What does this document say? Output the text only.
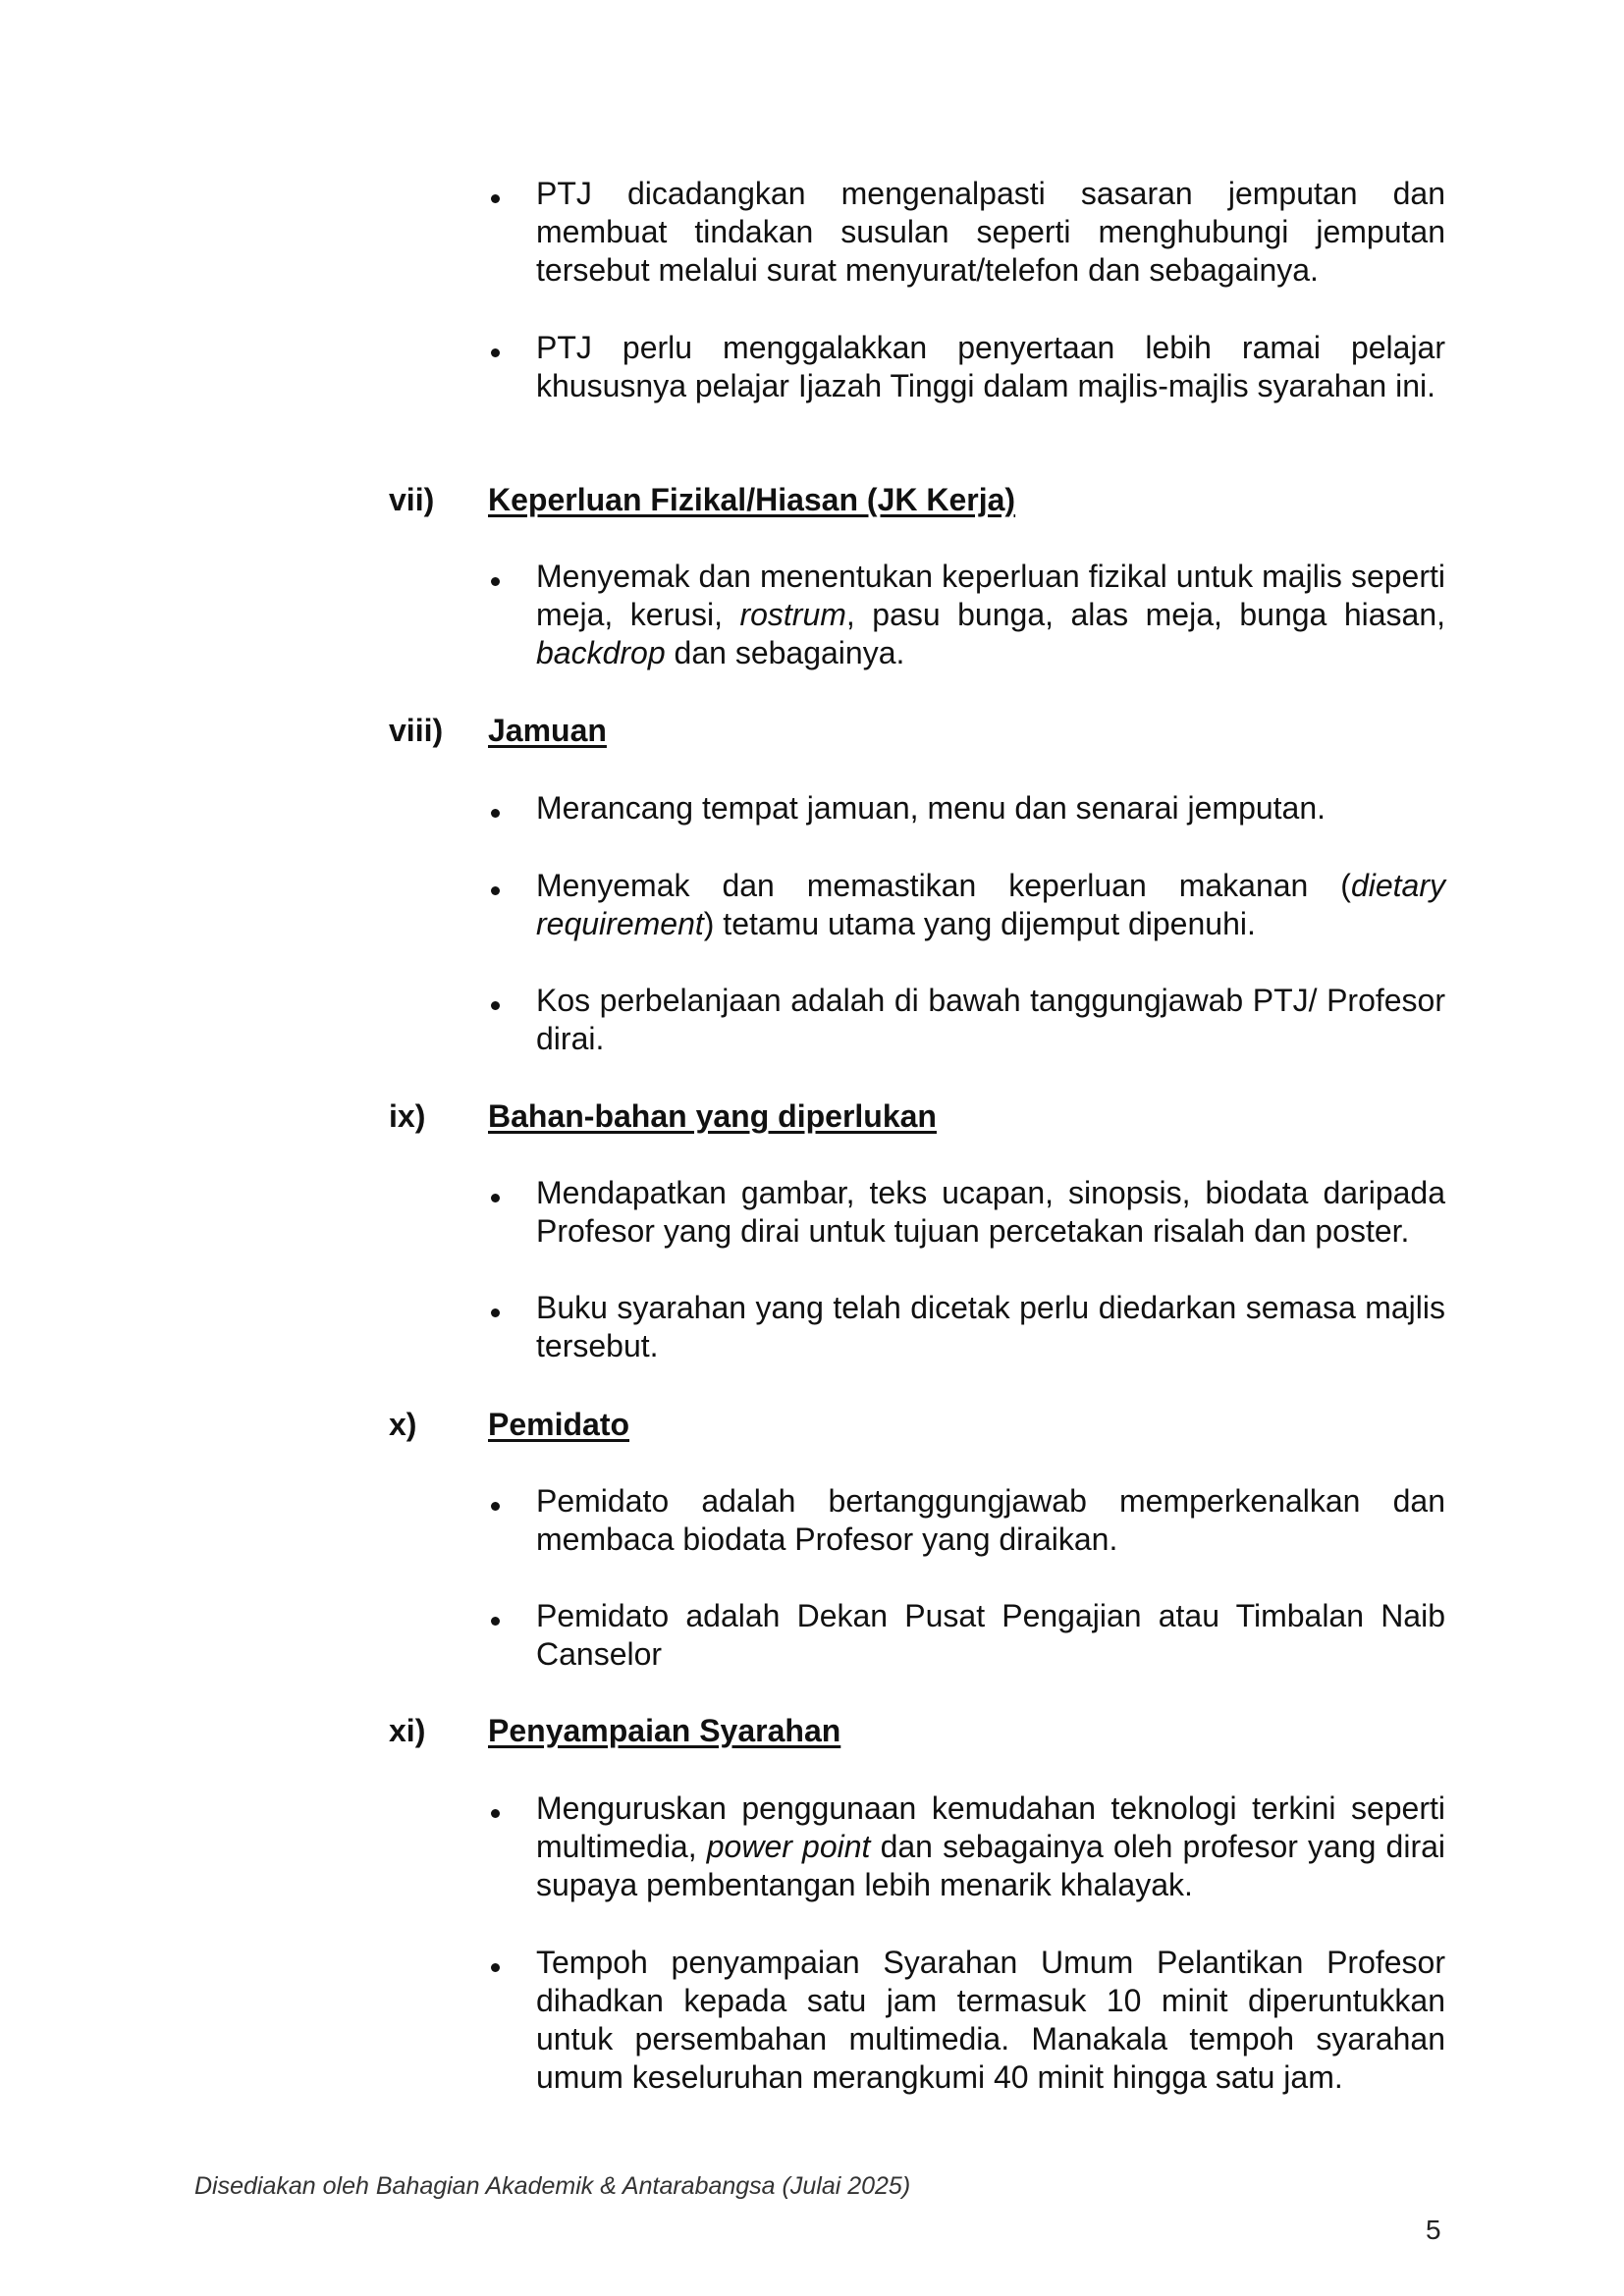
PTJ dicadangkan mengenalpasti sasaran jemputan dan membuat tindakan susulan seperti menghubungi jemputan tersebut melalui surat menyurat/telefon dan sebagainya.
PTJ perlu menggalakkan penyertaan lebih ramai pelajar khususnya pelajar Ijazah Tinggi dalam majlis-majlis syarahan ini.
vii) Keperluan Fizikal/Hiasan (JK Kerja)
Menyemak dan menentukan keperluan fizikal untuk majlis seperti meja, kerusi, rostrum, pasu bunga, alas meja, bunga hiasan, backdrop dan sebagainya.
viii) Jamuan
Merancang tempat jamuan, menu dan senarai jemputan.
Menyemak dan memastikan keperluan makanan (dietary requirement) tetamu utama yang dijemput dipenuhi.
Kos perbelanjaan adalah di bawah tanggungjawab PTJ/ Profesor dirai.
ix) Bahan-bahan yang diperlukan
Mendapatkan gambar, teks ucapan, sinopsis, biodata daripada Profesor yang dirai untuk tujuan percetakan risalah dan poster.
Buku syarahan yang telah dicetak perlu diedarkan semasa majlis tersebut.
x) Pemidato
Pemidato adalah bertanggungjawab memperkenalkan dan membaca biodata Profesor yang diraikan.
Pemidato adalah Dekan Pusat Pengajian atau Timbalan Naib Canselor
xi) Penyampaian Syarahan
Menguruskan penggunaan kemudahan teknologi terkini seperti multimedia, power point dan sebagainya oleh profesor yang dirai supaya pembentangan lebih menarik khalayak.
Tempoh penyampaian Syarahan Umum Pelantikan Profesor dihadkan kepada satu jam termasuk 10 minit diperuntukkan untuk persembahan multimedia. Manakala tempoh syarahan umum keseluruhan merangkumi 40 minit hingga satu jam.
Disediakan oleh Bahagian Akademik & Antarabangsa (Julai 2025)
5
